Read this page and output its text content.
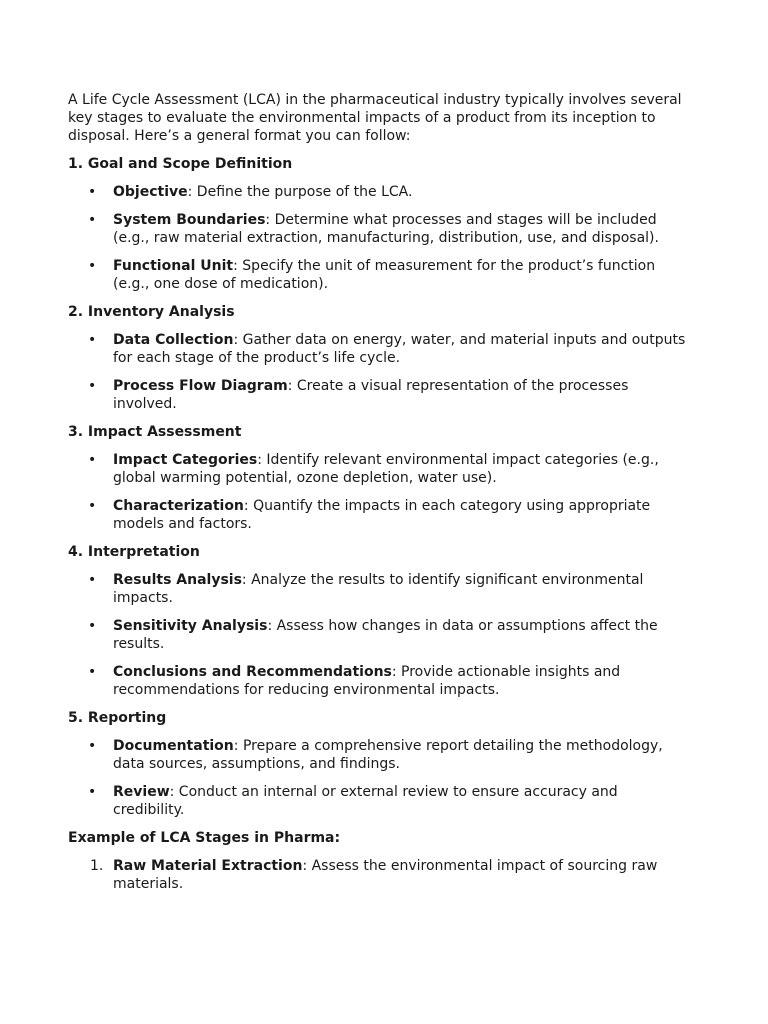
A Life Cycle Assessment (LCA) in the pharmaceutical industry typically involves several key stages to evaluate the environmental impacts of a product from its inception to disposal. Here’s a general format you can follow:

1. Goal and Scope Definition

• Objective: Define the purpose of the LCA.
• System Boundaries: Determine what processes and stages will be included (e.g., raw material extraction, manufacturing, distribution, use, and disposal).
• Functional Unit: Specify the unit of measurement for the product’s function (e.g., one dose of medication).

2. Inventory Analysis

• Data Collection: Gather data on energy, water, and material inputs and outputs for each stage of the product’s life cycle.
• Process Flow Diagram: Create a visual representation of the processes involved.

3. Impact Assessment

• Impact Categories: Identify relevant environmental impact categories (e.g., global warming potential, ozone depletion, water use).
• Characterization: Quantify the impacts in each category using appropriate models and factors.

4. Interpretation

• Results Analysis: Analyze the results to identify significant environmental impacts.
• Sensitivity Analysis: Assess how changes in data or assumptions affect the results.
• Conclusions and Recommendations: Provide actionable insights and recommendations for reducing environmental impacts.

5. Reporting

• Documentation: Prepare a comprehensive report detailing the methodology, data sources, assumptions, and findings.
• Review: Conduct an internal or external review to ensure accuracy and credibility.

Example of LCA Stages in Pharma:

1. Raw Material Extraction: Assess the environmental impact of sourcing raw materials.
